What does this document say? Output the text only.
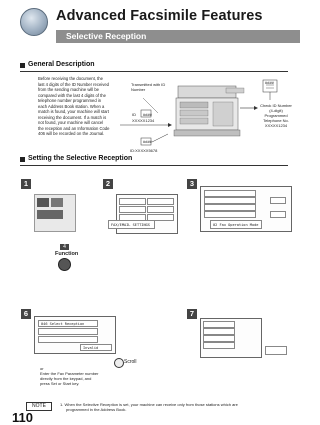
Advanced Facsimile Features
Selective Reception
General Description
Before receiving the document, the last 4 digits of the ID Number received from the sending machine will be compared with the last 4 digits of the telephone number programmed in each Address Book station. When a match is found, your machine will start receiving the document. If a match is not found, your machine will cancel the reception and an Information Code 406 will be recorded on the Journal.
Transmitted with ID Number
####
ID
XXXXX1234
####
ID:XXXXX5678
####
Check ID Number
(4-digit)
Programmed
Telephone No.
XXXXX1234
Setting the Selective Reception
1	2	3
6	7
4
Function
FAX/EMAIL SETTINGS	02 Fax Operation Mode
046 Select Reception
Invalid
Scroll
or
Enter the Fax Parameter number
directly from the keypad, and
press Set or Start key.
NOTE	1. When the Selective Reception is set, your machine can receive only from those stations which are
programmed in the Address Book.
110
